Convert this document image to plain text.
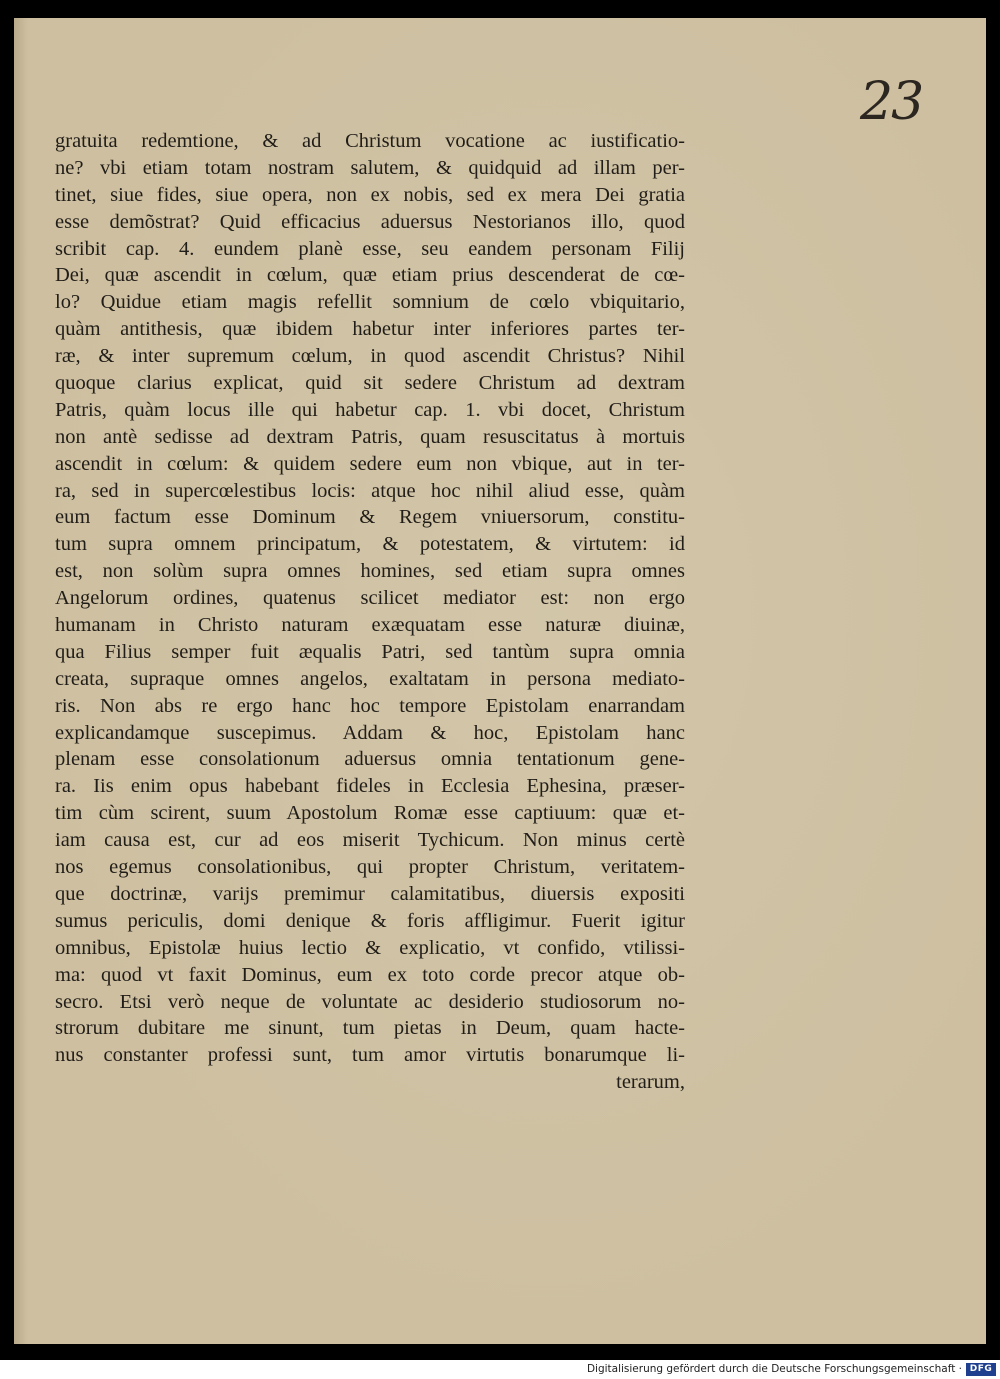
23
gratuita redemtione, & ad Christum vocatione ac iustificatio-
ne? vbi etiam totam nostram salutem, & quidquid ad illam per-
tinet, siue fides, siue opera, non ex nobis, sed ex mera Dei gratia
esse demõstrat? Quid efficacius aduersus Nestorianos illo, quod
scribit cap. 4. eundem planè esse, seu eandem personam Filij
Dei, quæ ascendit in cœlum, quæ etiam prius descenderat de cœ-
lo? Quidue etiam magis refellit somnium de cœlo vbiquitario,
quàm antithesis, quæ ibidem habetur inter inferiores partes ter-
ræ, & inter supremum cœlum, in quod ascendit Christus? Nihil
quoque clarius explicat, quid sit sedere Christum ad dextram
Patris, quàm locus ille qui habetur cap. 1. vbi docet, Christum
non antè sedisse ad dextram Patris, quam resuscitatus à mortuis
ascendit in cœlum: & quidem sedere eum non vbique, aut in ter-
ra, sed in supercœlestibus locis: atque hoc nihil aliud esse, quàm
eum factum esse Dominum & Regem vniuersorum, constitu-
tum supra omnem principatum, & potestatem, & virtutem: id
est, non solùm supra omnes homines, sed etiam supra omnes
Angelorum ordines, quatenus scilicet mediator est: non ergo
humanam in Christo naturam exæquatam esse naturæ diuinæ,
qua Filius semper fuit æqualis Patri, sed tantùm supra omnia
creata, supraque omnes angelos, exaltatam in persona mediato-
ris. Non abs re ergo hanc hoc tempore Epistolam enarrandam
explicandamque suscepimus. Addam & hoc, Epistolam hanc
plenam esse consolationum aduersus omnia tentationum gene-
ra. Iis enim opus habebant fideles in Ecclesia Ephesina, præser-
tim cùm scirent, suum Apostolum Romæ esse captiuum: quæ et-
iam causa est, cur ad eos miserit Tychicum. Non minus certè
nos egemus consolationibus, qui propter Christum, veritatem-
que doctrinæ, varijs premimur calamitatibus, diuersis expositi
sumus periculis, domi denique & foris affligimur. Fuerit igitur
omnibus, Epistolæ huius lectio & explicatio, vt confido, vtilissi-
ma: quod vt faxit Dominus, eum ex toto corde precor atque ob-
secro. Etsi verò neque de voluntate ac desiderio studiosorum no-
strorum dubitare me sinunt, tum pietas in Deum, quam hacte-
nus constanter professi sunt, tum amor virtutis bonarumque li-
terarum,
Digitalisierung gefördert durch die Deutsche Forschungsgemeinschaft · DFG
